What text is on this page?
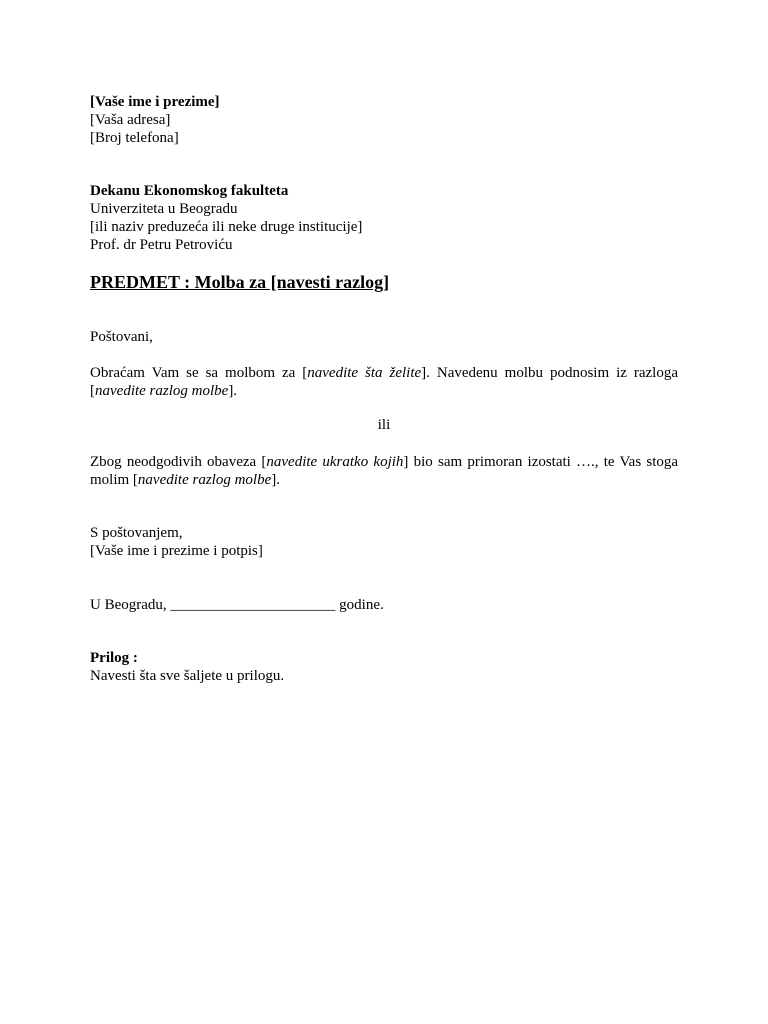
[Vaše ime i prezime]
[Vaša adresa]
[Broj telefona]
Dekanu Ekonomskog fakulteta
Univerziteta u Beogradu
[ili naziv preduzeća ili neke druge institucije]
Prof. dr Petru Petroviću
PREDMET : Molba za [navesti razlog]
Poštovani,
Obraćam Vam se sa molbom za [navedite šta želite]. Navedenu molbu podnosim iz razloga
[navedite razlog molbe].
ili
Zbog neodgodivih obaveza [navedite ukratko kojih] bio sam primoran izostati …., te Vas stoga
molim [navedite razlog molbe].
S poštovanjem,
[Vaše ime i prezime i potpis]
U Beogradu, ______________________ godine.
Prilog :
Navesti šta sve šaljete u prilogu.
